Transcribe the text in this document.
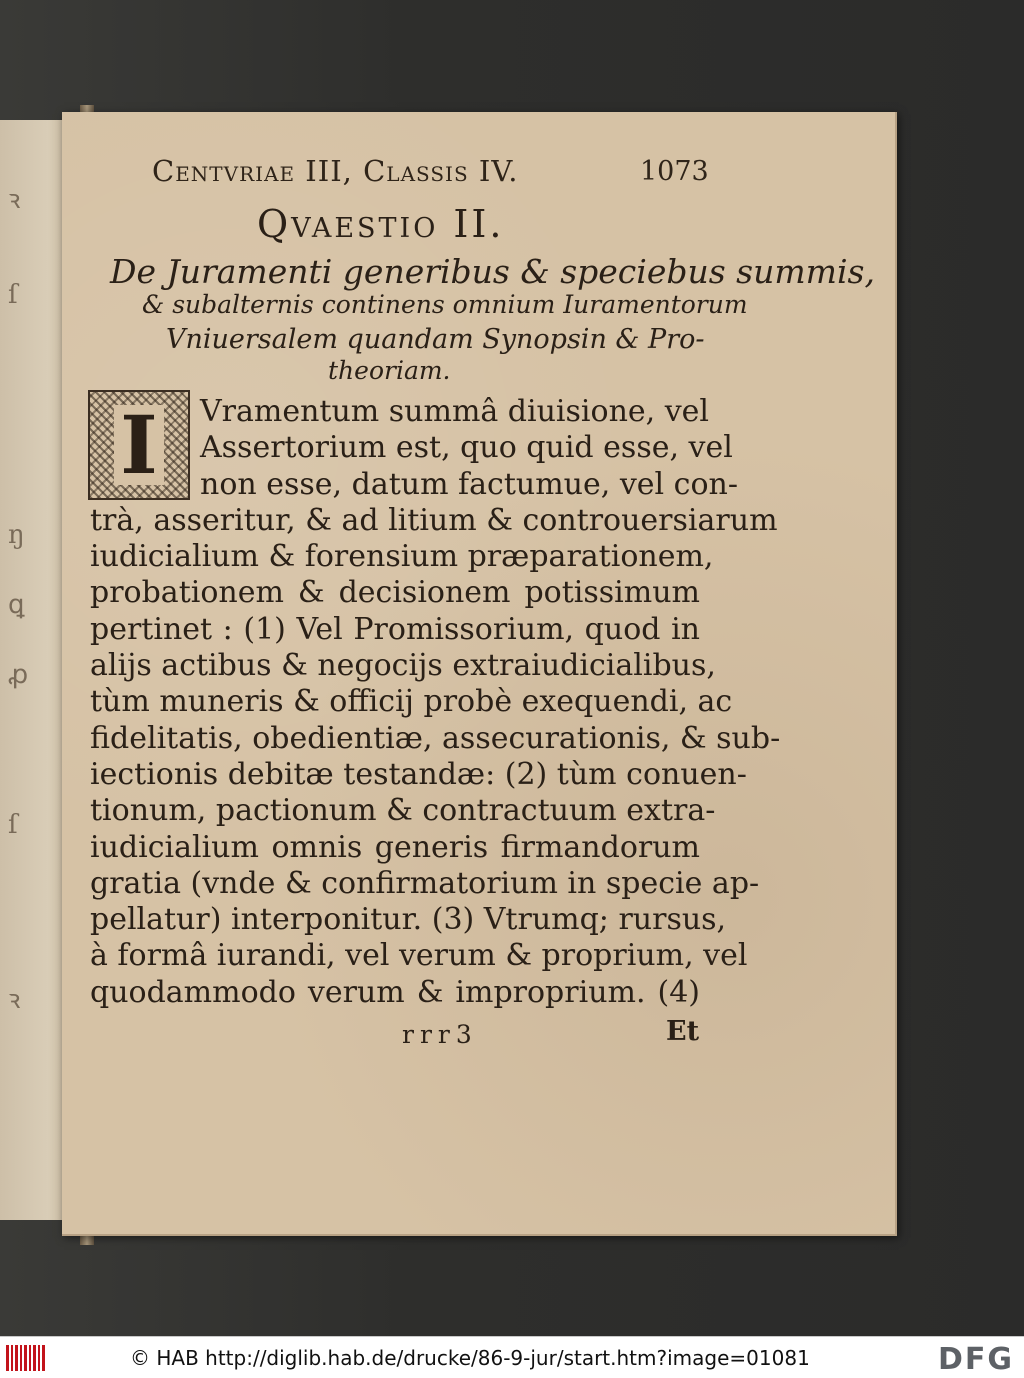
ꝛ
ſ
ŋ
ꝗ
ꝓ
ſ
ꝛ
Centvriae III, Classis IV.	1073
Qvaestio II.
De Juramenti generibus & speciebus summis,
& subalternis continens omnium Iuramentorum
Vniuersalem quandam Synopsin & Pro-
theoriam.
I	Vramentum summâ diuisione, vel
Assertorium est, quo quid esse, vel
non esse, datum factumue, vel con-
trà, asseritur, & ad litium & controuersiarum
iudicialium & forensium præparationem,
probationem & decisionem potissimum
pertinet : (1) Vel Promissorium, quod in
alijs actibus & negocijs extraiudicialibus,
tùm muneris & officij probè exequendi, ac
fidelitatis, obedientiæ, assecurationis, & sub-
iectionis debitæ testandæ: (2) tùm conuen-
tionum, pactionum & contractuum extra-
iudicialium omnis generis firmandorum
gratia (vnde & confirmatorium in specie ap-
pellatur) interponitur. (3) Vtrumq; rursus,
à formâ iurandi, vel verum & proprium, vel
quodammodo verum & improprium. (4)
rrr3	Et
© HAB http://diglib.hab.de/drucke/86-9-jur/start.htm?image=01081	DFG
